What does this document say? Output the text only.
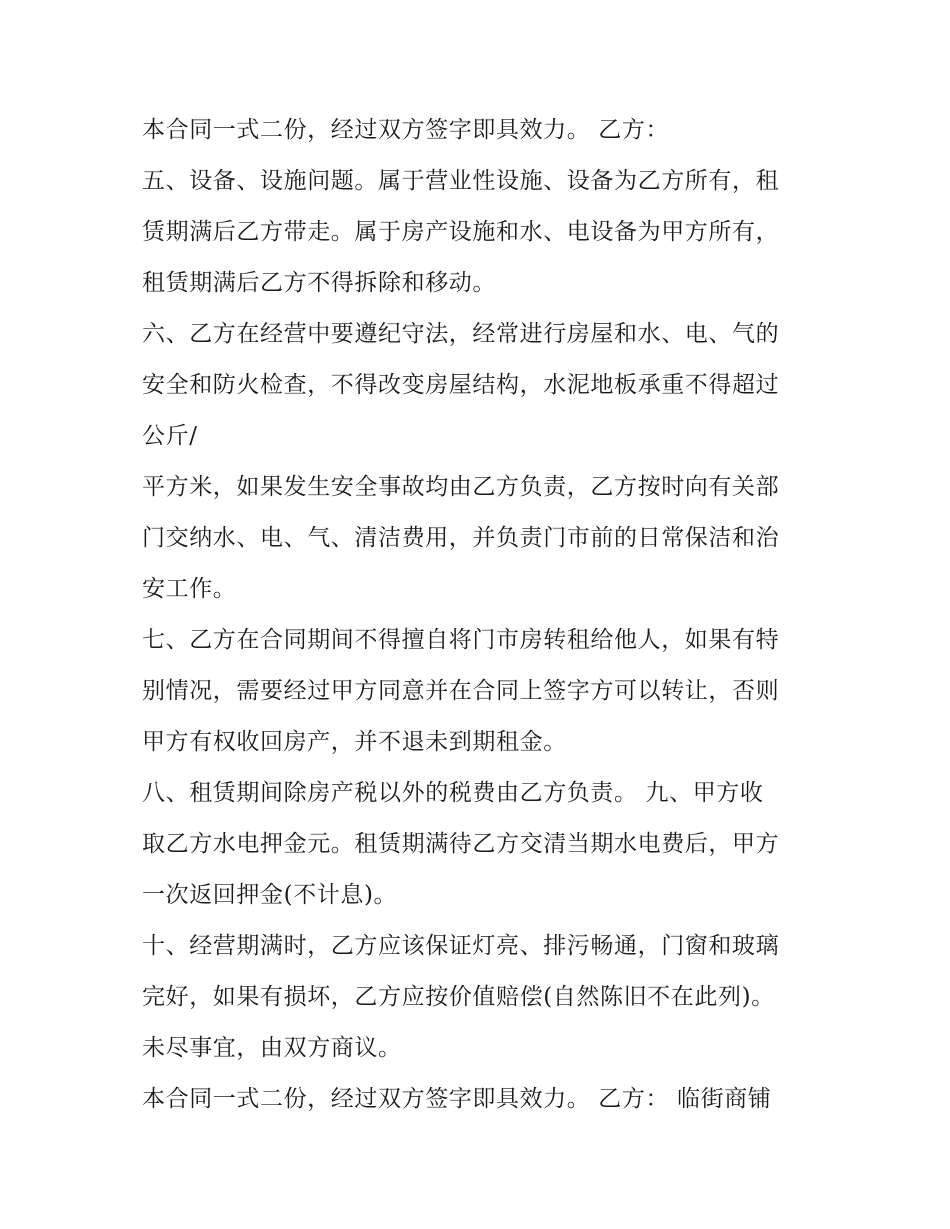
本合同一式二份，经过双方签字即具效力。 乙方：
五、设备、设施问题。属于营业性设施、设备为乙方所有，租
赁期满后乙方带走。属于房产设施和水、电设备为甲方所有，
租赁期满后乙方不得拆除和移动。
六、乙方在经营中要遵纪守法，经常进行房屋和水、电、气的
安全和防火检查，不得改变房屋结构，水泥地板承重不得超过
公斤/
平方米，如果发生安全事故均由乙方负责，乙方按时向有关部
门交纳水、电、气、清洁费用，并负责门市前的日常保洁和治
安工作。
七、乙方在合同期间不得擅自将门市房转租给他人，如果有特
别情况，需要经过甲方同意并在合同上签字方可以转让，否则
甲方有权收回房产，并不退未到期租金。
八、租赁期间除房产税以外的税费由乙方负责。 九、甲方收
取乙方水电押金元。租赁期满待乙方交清当期水电费后，甲方
一次返回押金(不计息)。
十、经营期满时，乙方应该保证灯亮、排污畅通，门窗和玻璃
完好，如果有损坏，乙方应按价值赔偿(自然陈旧不在此列)。
未尽事宜，由双方商议。
本合同一式二份，经过双方签字即具效力。 乙方： 临街商铺
